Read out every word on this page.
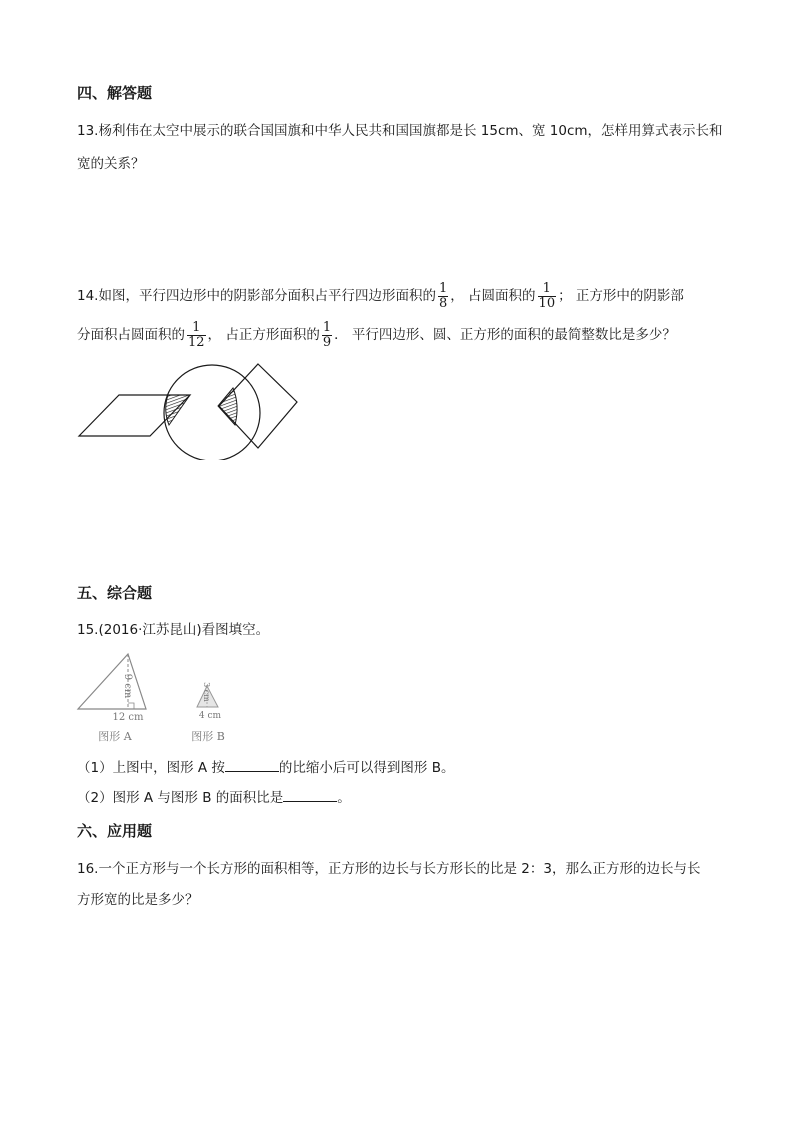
四、解答题
13.杨利伟在太空中展示的联合国国旗和中华人民共和国国旗都是长 15cm、宽 10cm，怎样用算式表示长和
宽的关系？
14.如图，平行四边形中的阴影部分面积占平行四边形面积的 $\frac{1}{8}$ ， 占圆面积的 $\frac{1}{10}$ ； 正方形中的阴影部
分面积占圆面积的 $\frac{1}{12}$ ， 占正方形面积的 $\frac{1}{9}$ ． 平行四边形、圆、正方形的面积的最简整数比是多少？
五、综合题
15.(2016·江苏昆山)看图填空。
9 cm
12 cm
图形 A
3 cm
4 cm
图形 B
（1）上图中，图形 A 按	的比缩小后可以得到图形 B。
（2）图形 A 与图形 B 的面积比是	。
六、应用题
16.一个正方形与一个长方形的面积相等，正方形的边长与长方形长的比是 2：3，那么正方形的边长与长
方形宽的比是多少？
